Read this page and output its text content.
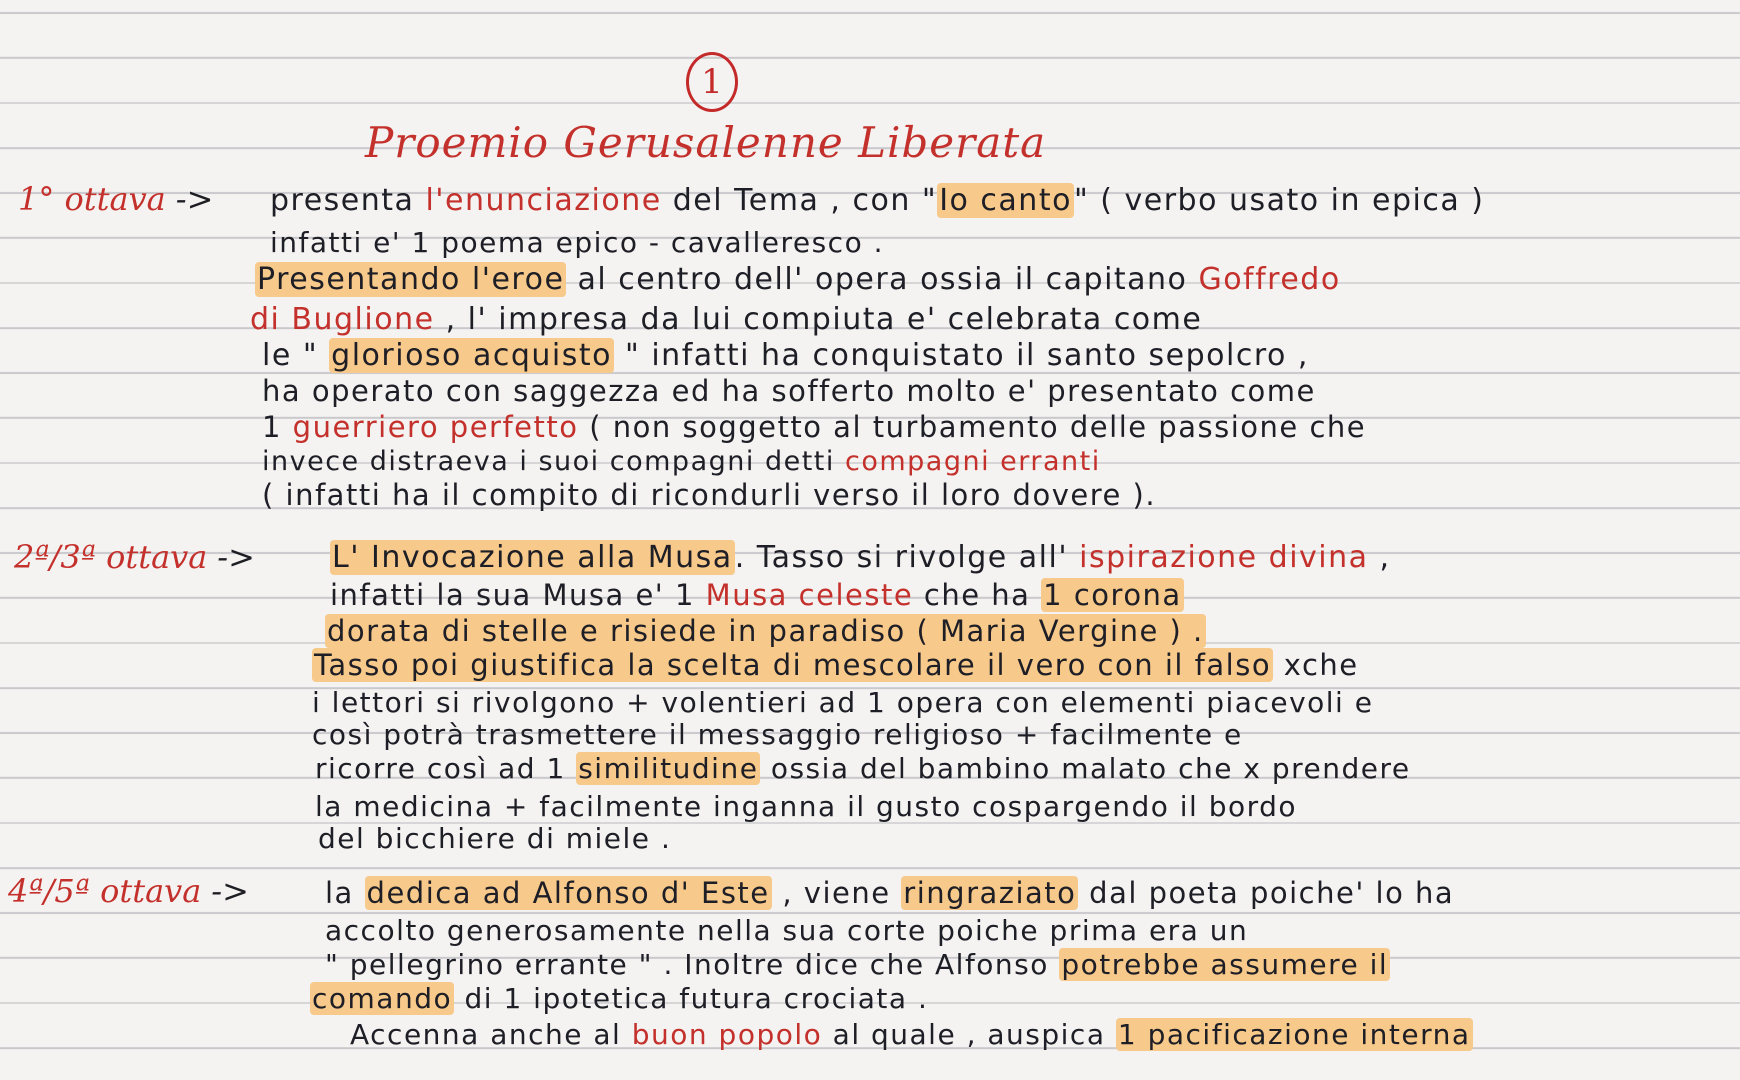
1
Proemio Gerusalenne Liberata
1° ottava ->
2ª/3ª ottava ->
4ª/5ª ottava ->
presenta l'enunciazione del Tema , con "Io canto" ( verbo usato in epica )
infatti e' 1 poema epico - cavalleresco .
Presentando l'eroe al centro dell' opera ossia il capitano Goffredo
di Buglione , l' impresa da lui compiuta e' celebrata come
le " glorioso acquisto " infatti ha conquistato il santo sepolcro ,
ha operato con saggezza ed ha sofferto molto e' presentato come
1 guerriero perfetto ( non soggetto al turbamento delle passione che
invece distraeva i suoi compagni detti compagni erranti
( infatti ha il compito di ricondurli verso il loro dovere ).
L' Invocazione alla Musa. Tasso si rivolge all' ispirazione divina ,
infatti la sua Musa e' 1 Musa celeste che ha 1 corona
dorata di stelle e risiede in paradiso ( Maria Vergine ) .
Tasso poi giustifica la scelta di mescolare il vero con il falso xche
i lettori si rivolgono + volentieri ad 1 opera con elementi piacevoli e
così potrà trasmettere il messaggio religioso + facilmente e
ricorre così ad 1 similitudine ossia del bambino malato che x prendere
la medicina + facilmente inganna il gusto cospargendo il bordo
del bicchiere di miele .
la dedica ad Alfonso d' Este , viene ringraziato dal poeta poiche' lo ha
accolto generosamente nella sua corte poiche prima era un
" pellegrino errante " . Inoltre dice che Alfonso potrebbe assumere il
comando di 1 ipotetica futura crociata .
Accenna anche al buon popolo al quale , auspica 1 pacificazione interna
